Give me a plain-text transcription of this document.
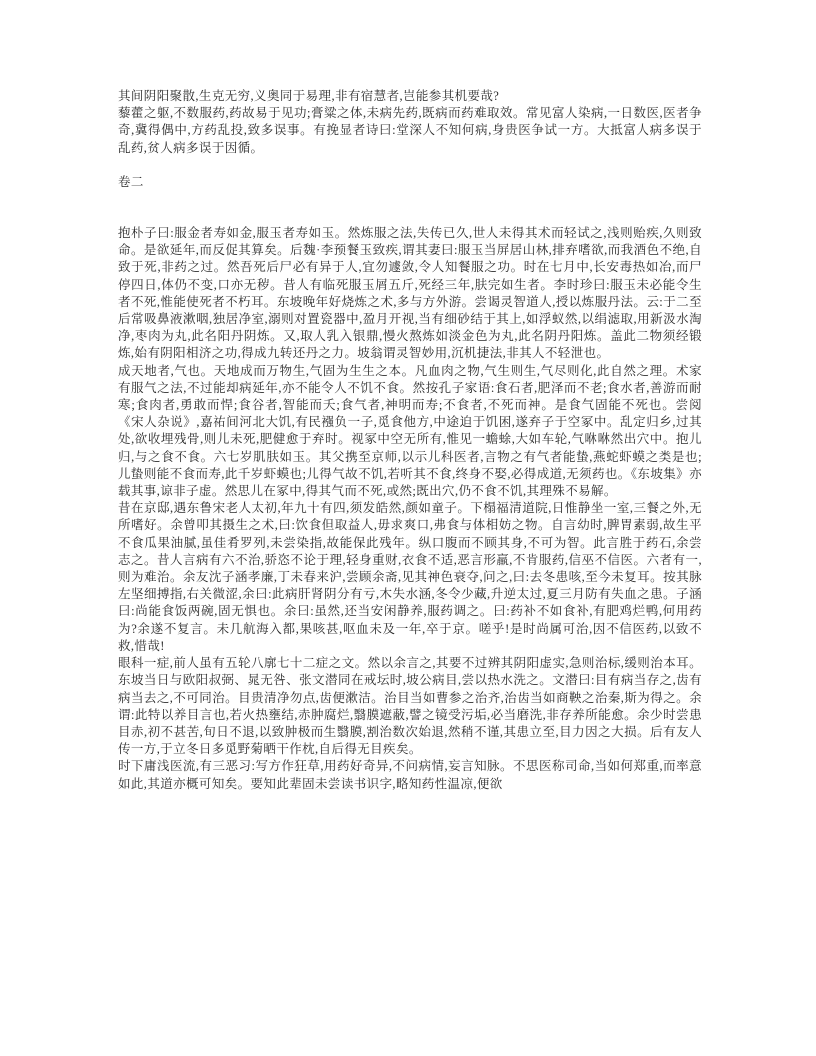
其间阴阳聚散,生克无穷,义奥同于易理,非有宿慧者,岂能参其机要哉?

藜藿之躯,不数服药,药故易于见功;膏粱之体,未病先药,既病而药难取效。常见富人染病,一日数医,医者争奇,冀得偶中,方药乱投,致多误事。有挽显者诗曰:堂深人不知何病,身贵医争试一方。大抵富人病多误于乱药,贫人病多误于因循。

卷二

抱朴子曰:服金者寿如金,服玉者寿如玉。然炼服之法,失传已久,世人未得其术而轻试之,浅则贻疾,久则致命。是欲延年,而反促其算矣。后魏·李预餐玉致疾,谓其妻曰:服玉当屏居山林,排弃嗜欲,而我酒色不绝,自致于死,非药之过。然吾死后尸必有异于人,宜勿遽敛,令人知餐服之功。时在七月中,长安毒热如冶,而尸停四日,体仍不变,口亦无秽。昔人有临死服玉屑五斤,死经三年,肤完如生者。李时珍曰:服玉未必能令生者不死,惟能使死者不朽耳。东坡晚年好烧炼之术,多与方外游。尝谒灵智道人,授以炼服丹法。云:于二至后常吸鼻液漱咽,独居净室,溺则对置瓷器中,盈月开视,当有细砂结于其上,如浮蚁然,以绢滤取,用新汲水淘净,枣肉为丸,此名阳丹阴炼。又,取人乳入银鼎,慢火熬炼如淡金色为丸,此名阴丹阳炼。盖此二物须经锻炼,始有阴阳相济之功,得成九转还丹之力。坡翁谓灵智妙用,沉机捷法,非其人不轻泄也。

成天地者,气也。天地成而万物生,气固为生生之本。凡血肉之物,气生则生,气尽则化,此自然之理。术家有服气之法,不过能却病延年,亦不能令人不饥不食。然按孔子家语:食石者,肥泽而不老;食水者,善游而耐寒;食肉者,勇敢而悍;食谷者,智能而夭;食气者,神明而寿;不食者,不死而神。是食气固能不死也。尝阅《宋人杂说》,嘉祐间河北大饥,有民襁负一子,觅食他方,中途迫于饥困,遂弃子于空冢中。乱定归乡,过其处,欲收埋残骨,则儿未死,肥健愈于弃时。视冢中空无所有,惟见一蟾蜍,大如车轮,气咻咻然出穴中。抱儿归,与之食不食。六七岁肌肤如玉。其父携至京师,以示儿科医者,言物之有气者能蛰,燕蛇虾蟆之类是也;儿蛰则能不食而寿,此千岁虾蟆也;儿得气故不饥,若听其不食,终身不娶,必得成道,无须药也。《东坡集》亦载其事,谅非子虚。然思儿在冢中,得其气而不死,或然;既出穴,仍不食不饥,其理殊不易解。

昔在京邸,遇东鲁宋老人太初,年九十有四,须发皓然,颜如童子。下榻福清道院,日惟静坐一室,三餐之外,无所嗜好。余曾叩其摄生之术,曰:饮食但取益人,毋求爽口,弗食与体相妨之物。自言幼时,脾胃素弱,故生平不食瓜果油腻,虽佳肴罗列,未尝染指,故能保此残年。纵口腹而不顾其身,不可为智。此言胜于药石,余尝志之。昔人言病有六不治,骄恣不论于理,轻身重财,衣食不适,恶言形羸,不肯服药,信巫不信医。六者有一,则为难治。余友沈子涵孝廉,丁未春来沪,尝顾余斋,见其神色衰夺,问之,曰:去冬患咳,至今未复耳。按其脉左坚细搏指,右关微涩,余曰:此病肝肾阴分有亏,木失水涵,冬令少藏,升逆太过,夏三月防有失血之患。子涵曰:尚能食饭两碗,固无惧也。余曰:虽然,还当安闲静养,服药调之。曰:药补不如食补,有肥鸡烂鸭,何用药为?余遂不复言。未几航海入都,果咳甚,呕血未及一年,卒于京。嗟乎!是时尚属可治,因不信医药,以致不救,惜哉!

眼科一症,前人虽有五轮八廓七十二症之文。然以余言之,其要不过辨其阴阳虚实,急则治标,缓则治本耳。东坡当日与欧阳叔弼、晁无咎、张文潜同在戒坛时,坡公病目,尝以热水洗之。文潜曰:目有病当存之,齿有病当去之,不可同治。目贵清净勿点,齿便漱洁。治目当如曹参之治齐,治齿当如商鞅之治秦,斯为得之。余谓:此特以养目言也,若火热壅结,赤肿腐烂,翳膜遮蔽,譬之镜受污垢,必当磨洗,非存养所能愈。余少时尝患目赤,初不甚苦,旬日不退,以致肿极而生翳膜,割治数次始退,然稍不谨,其患立至,目力因之大损。后有友人传一方,于立冬日多觅野菊晒干作枕,自后得无目疾矣。

时下庸浅医流,有三恶习:写方作狂草,用药好奇异,不问病情,妄言知脉。不思医称司命,当如何郑重,而率意如此,其道亦概可知矣。要知此辈固未尝读书识字,略知药性温凉,便欲
